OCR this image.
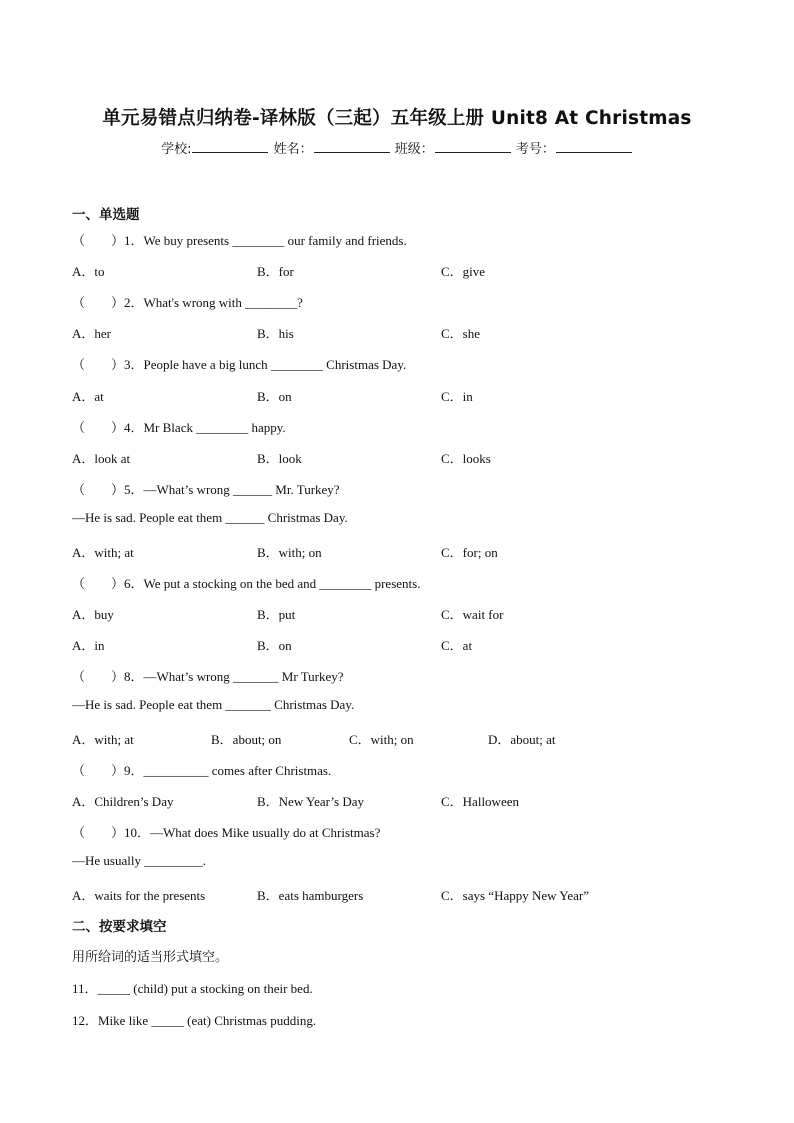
单元易错点归纳卷-译林版（三起）五年级上册 Unit8 At Christmas
学校:	姓名：	班级：	考号：
一、单选题
（　　）1．We buy presents ________ our family and friends.
A．to	B．for	C．give
（　　）2．What's wrong with ________?
A．her	B．his	C．she
（　　）3．People have a big lunch ________ Christmas Day.
A．at	B．on	C．in
（　　）4．Mr Black ________ happy.
A．look at	B．look	C．looks
（　　）5．—What’s wrong ______ Mr. Turkey?
—He is sad. People eat them ______ Christmas Day.
A．with; at	B．with; on	C．for; on
（　　）6．We put a stocking on the bed and ________ presents.
A．buy	B．put	C．wait for
A．in	B．on	C．at
（　　）8．—What’s wrong _______ Mr Turkey?
—He is sad. People eat them _______ Christmas Day.
A．with; at	B．about; on	C．with; on	D．about; at
（　　）9．__________ comes after Christmas.
A．Children’s Day	B．New Year’s Day	C．Halloween
（　　）10．—What does Mike usually do at Christmas?
—He usually _________.
A．waits for the presents	B．eats hamburgers	C．says “Happy New Year”
二、按要求填空
用所给词的适当形式填空。
11．_____ (child) put a stocking on their bed.
12．Mike like _____ (eat) Christmas pudding.
